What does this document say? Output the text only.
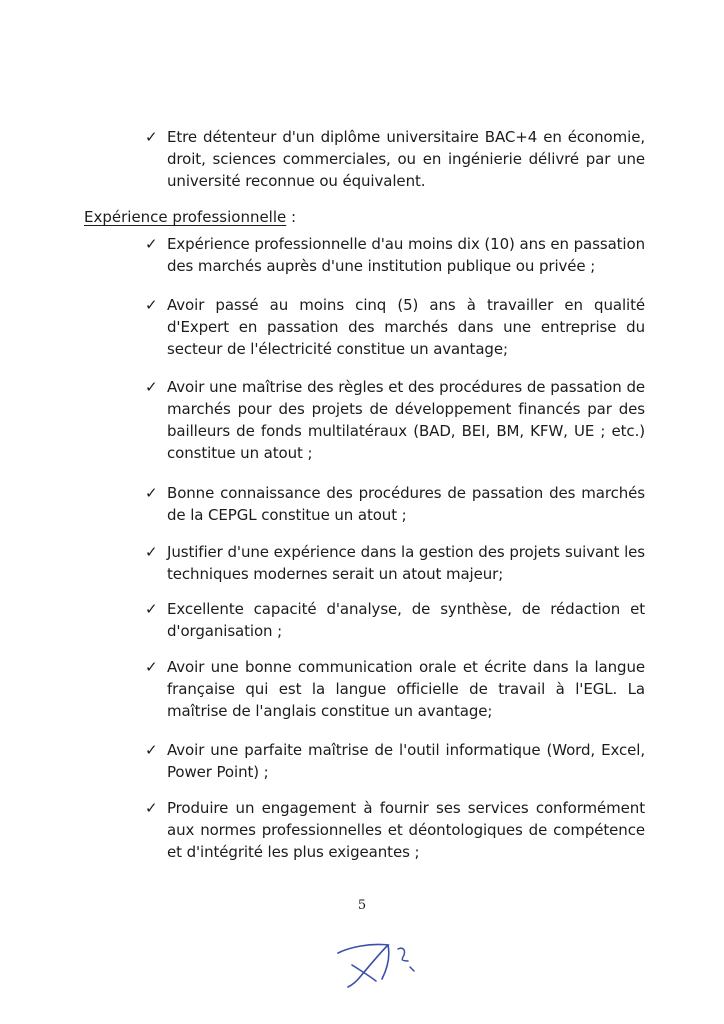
✓ Etre détenteur d'un diplôme universitaire BAC+4 en économie, droit, sciences commerciales, ou en ingénierie délivré par une université reconnue ou équivalent.
Expérience professionnelle :
✓ Expérience professionnelle d'au moins dix (10) ans en passation des marchés auprès d'une institution publique ou privée ;
✓ Avoir passé au moins cinq (5) ans à travailler en qualité d'Expert en passation des marchés dans une entreprise du secteur de l'électricité constitue un avantage;
✓ Avoir une maîtrise des règles et des procédures de passation de marchés pour des projets de développement financés par des bailleurs de fonds multilatéraux (BAD, BEI, BM, KFW, UE ; etc.) constitue un atout ;
✓ Bonne connaissance des procédures de passation des marchés de la CEPGL constitue un atout ;
✓ Justifier d'une expérience dans la gestion des projets suivant les techniques modernes serait un atout majeur;
✓ Excellente capacité d'analyse, de synthèse, de rédaction et d'organisation ;
✓ Avoir une bonne communication orale et écrite dans la langue française qui est la langue officielle de travail à l'EGL. La maîtrise de l'anglais constitue un avantage;
✓ Avoir une parfaite maîtrise de l'outil informatique (Word, Excel, Power Point) ;
✓ Produire un engagement à fournir ses services conformément aux normes professionnelles et déontologiques de compétence et d'intégrité les plus exigeantes ;
5
